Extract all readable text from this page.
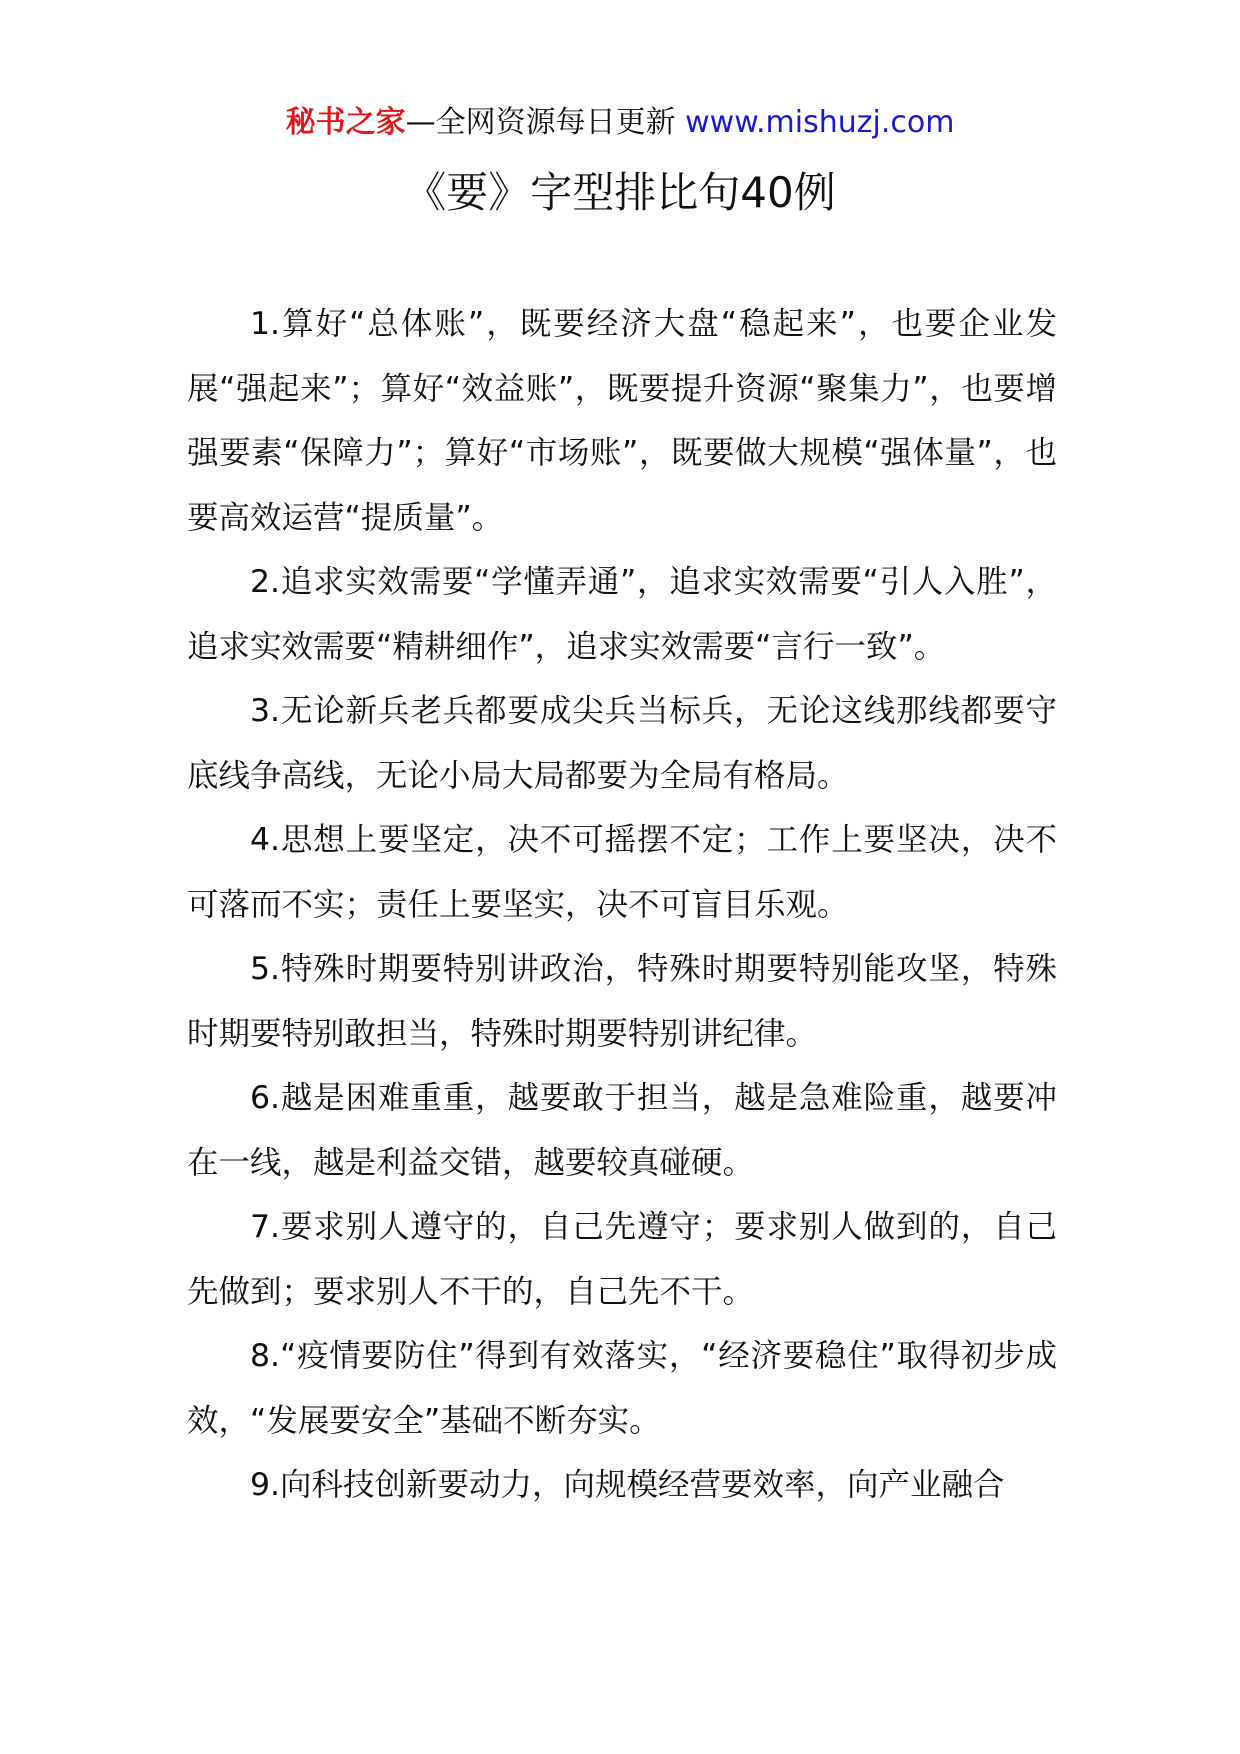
秘书之家—全网资源每日更新 www.mishuzj.com
《要》字型排比句40例

1.算好“总体账”，既要经济大盘“稳起来”，也要企业发展“强起来”；算好“效益账”，既要提升资源“聚集力”，也要增强要素“保障力”；算好“市场账”，既要做大规模“强体量”，也要高效运营“提质量”。

2.追求实效需要“学懂弄通”，追求实效需要“引人入胜”，追求实效需要“精耕细作”，追求实效需要“言行一致”。

3.无论新兵老兵都要成尖兵当标兵，无论这线那线都要守底线争高线，无论小局大局都要为全局有格局。

4.思想上要坚定，决不可摇摆不定；工作上要坚决，决不可落而不实；责任上要坚实，决不可盲目乐观。

5.特殊时期要特别讲政治，特殊时期要特别能攻坚，特殊时期要特别敢担当，特殊时期要特别讲纪律。

6.越是困难重重，越要敢于担当，越是急难险重，越要冲在一线，越是利益交错，越要较真碰硬。

7.要求别人遵守的，自己先遵守；要求别人做到的，自己先做到；要求别人不干的，自己先不干。

8.“疫情要防住”得到有效落实，“经济要稳住”取得初步成效，“发展要安全”基础不断夯实。

9.向科技创新要动力，向规模经营要效率，向产业融合
